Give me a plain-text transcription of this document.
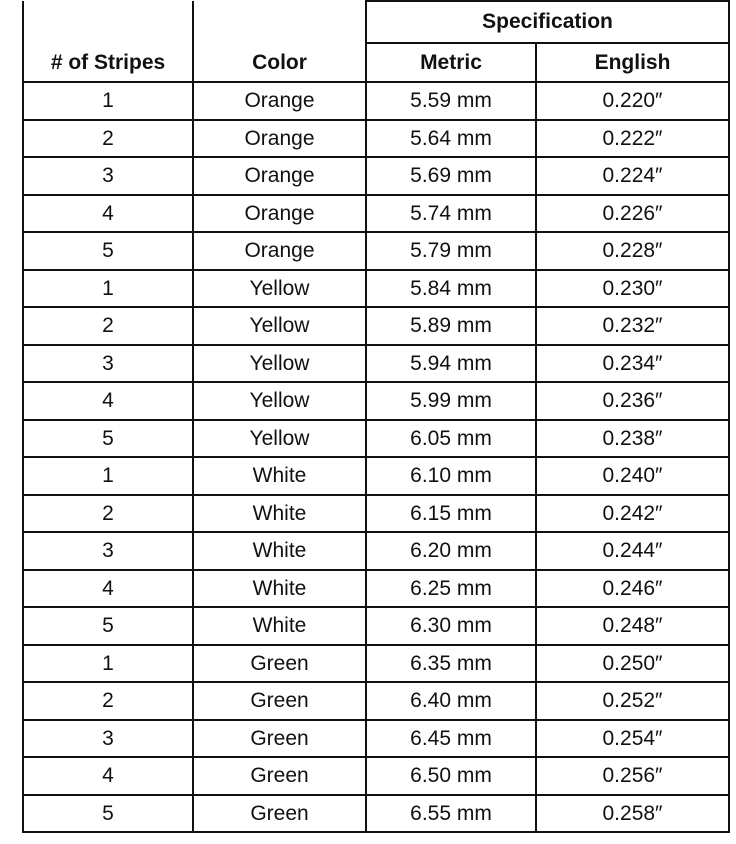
# of Stripes	Color	Specification	
		Metric	English
1	Orange	5.59 mm	0.220″
2	Orange	5.64 mm	0.222″
3	Orange	5.69 mm	0.224″
4	Orange	5.74 mm	0.226″
5	Orange	5.79 mm	0.228″
1	Yellow	5.84 mm	0.230″
2	Yellow	5.89 mm	0.232″
3	Yellow	5.94 mm	0.234″
4	Yellow	5.99 mm	0.236″
5	Yellow	6.05 mm	0.238″
1	White	6.10 mm	0.240″
2	White	6.15 mm	0.242″
3	White	6.20 mm	0.244″
4	White	6.25 mm	0.246″
5	White	6.30 mm	0.248″
1	Green	6.35 mm	0.250″
2	Green	6.40 mm	0.252″
3	Green	6.45 mm	0.254″
4	Green	6.50 mm	0.256″
5	Green	6.55 mm	0.258″
